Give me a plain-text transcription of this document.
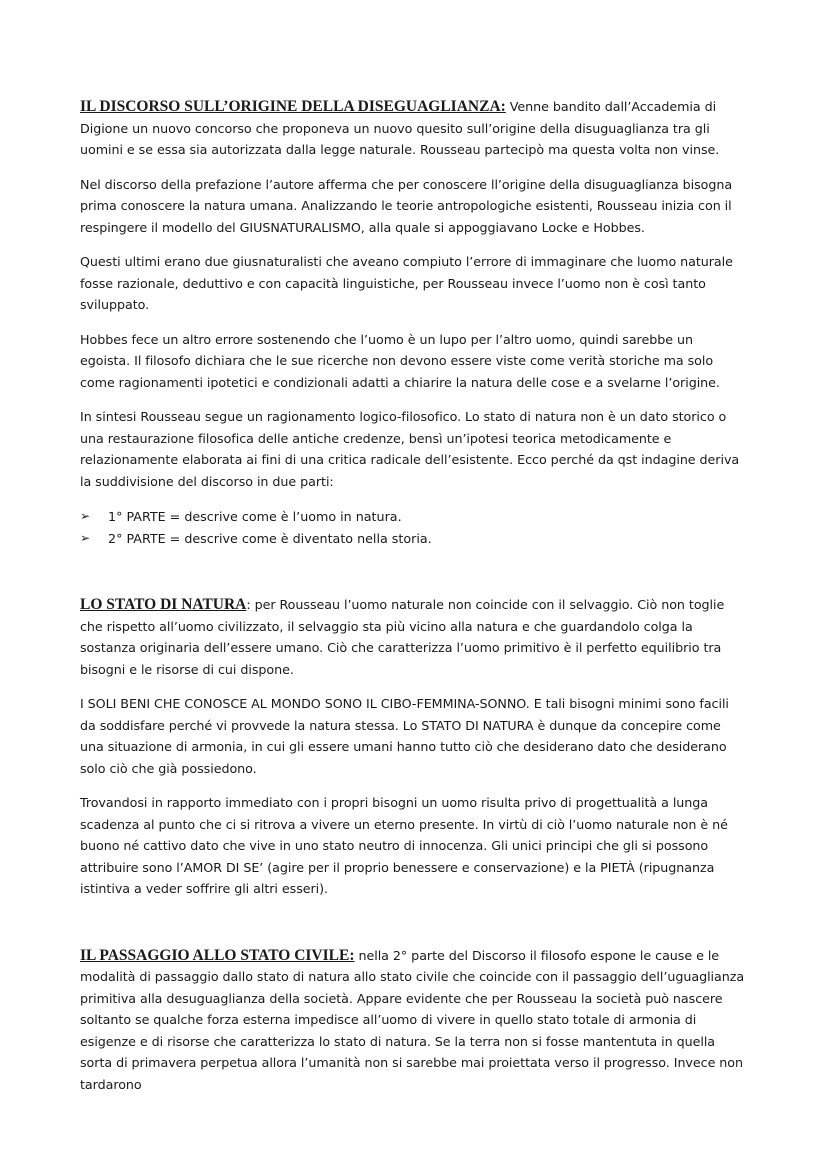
IL DISCORSO SULL’ORIGINE DELLA DISEGUAGLIANZA: Venne bandito dall’Accademia di Digione un nuovo concorso che proponeva un nuovo quesito sull’origine della disuguaglianza tra gli uomini e se essa sia autorizzata dalla legge naturale. Rousseau partecipò ma questa volta non vinse.

Nel discorso della prefazione l’autore afferma che per conoscere ll’origine della disuguaglianza bisogna prima conoscere la natura umana. Analizzando le teorie antropologiche esistenti, Rousseau inizia con il respingere il modello del GIUSNATURALISMO, alla quale si appoggiavano Locke e Hobbes.

Questi ultimi erano due giusnaturalisti che aveano compiuto l’errore di immaginare che luomo naturale fosse razionale, deduttivo e con capacità linguistiche, per Rousseau invece l’uomo non è così tanto sviluppato.

Hobbes fece un altro errore sostenendo che l’uomo è un lupo per l’altro uomo, quindi sarebbe un egoista. Il filosofo dichiara che le sue ricerche non devono essere viste come verità storiche ma solo come ragionamenti ipotetici e condizionali adatti a chiarire la natura delle cose e a svelarne l’origine.

In sintesi Rousseau segue un ragionamento logico-filosofico. Lo stato di natura non è un dato storico o una restaurazione filosofica delle antiche credenze, bensì un’ipotesi teorica metodicamente e relazionamente elaborata ai fini di una critica radicale dell’esistente. Ecco perché da qst indagine deriva la suddivisione del discorso in due parti:

➢ 1° PARTE = descrive come è l’uomo in natura.
➢ 2° PARTE = descrive come è diventato nella storia.

LO STATO DI NATURA: per Rousseau l’uomo naturale non coincide con il selvaggio. Ciò non toglie che rispetto all’uomo civilizzato, il selvaggio sta più vicino alla natura e che guardandolo colga la sostanza originaria dell’essere umano. Ciò che caratterizza l’uomo primitivo è il perfetto equilibrio tra bisogni e le risorse di cui dispone.

I SOLI BENI CHE CONOSCE AL MONDO SONO IL CIBO-FEMMINA-SONNO. E tali bisogni minimi sono facili da soddisfare perché vi provvede la natura stessa. Lo STATO DI NATURA è dunque da concepire come una situazione di armonia, in cui gli essere umani hanno tutto ciò che desiderano dato che desiderano solo ciò che già possiedono.

Trovandosi in rapporto immediato con i propri bisogni un uomo risulta privo di progettualità a lunga scadenza al punto che ci si ritrova a vivere un eterno presente. In virtù di ciò l’uomo naturale non è né buono né cattivo dato che vive in uno stato neutro di innocenza. Gli unici principi che gli si possono attribuire sono l’AMOR DI SE’ (agire per il proprio benessere e conservazione) e la PIETÀ (ripugnanza istintiva a veder soffrire gli altri esseri).

IL PASSAGGIO ALLO STATO CIVILE: nella 2° parte del Discorso il filosofo espone le cause e le modalità di passaggio dallo stato di natura allo stato civile che coincide con il passaggio dell’uguaglianza primitiva alla desuguaglianza della società. Appare evidente che per Rousseau la società può nascere soltanto se qualche forza esterna impedisce all’uomo di vivere in quello stato totale di armonia di esigenze e di risorse che caratterizza lo stato di natura. Se la terra non si fosse mantentuta in quella sorta di primavera perpetua allora l’umanità non si sarebbe mai proiettata verso il progresso. Invece non tardarono
